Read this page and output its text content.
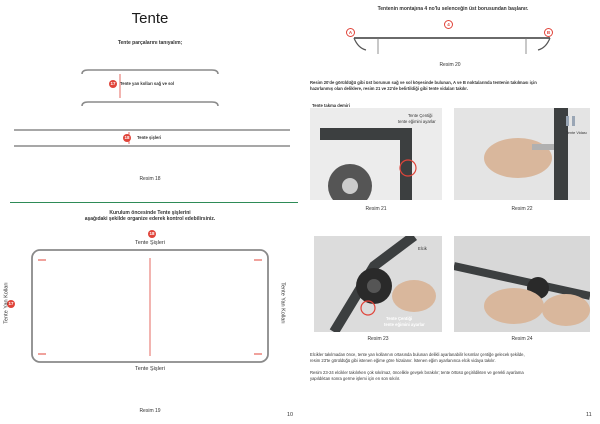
Tente
Tente parçalarını tanıyalım;
17	Tente yan kolları sağ ve sol
18	Tente şişleri
Resim 18
Kurulum öncesinde Tente şişlerini
aşağıdaki şekilde organize ederek kontrol edebilirsiniz.
18
Tente Şişleri
17
Tente Yan Kolları	Tente Yan Kolları
Tente Şişleri
Resim 19
10
Tentenin montajına 4 no'lu selenceğin üst borusundan başlanır.
4
A	B
Resim 20
Resim 20'de görüldüğü gibi üst borunun sağ ve sol köşesinde bulunan, A ve B noktalarında tentenin takılması için
hazırlanmış olan deliklere, resim 21 ve 22'de belirtildiği gibi tente vidaları takılır.
Tente takma demiri
Tente Çentiği
tente eğimini ayarlar
Resim 21
Tente Vidası
Resim 22
Elcik
Tente Çentiği
tente eğimini ayarlar
Resim 23	Resim 24
Elcikler takılmadan önce, tente yan kollarının ortasında bulunan delikli ayarlanabilir kısımlar çentiğe gelecek şekilde,
resim 23'te görüldüğü gibi istenen eğime göre hizalanır. İstenen eğim ayarlanınca elcik vidaya takılır.
Resim 23-24 elcikler takılırken çok sıkılmaz, öncelikle gevşek bırakılır; tente örtüsü geçirildikten ve gerekli ayarlama
yapıldıktan sonra germe işlemi için en son sıkılır.
11
